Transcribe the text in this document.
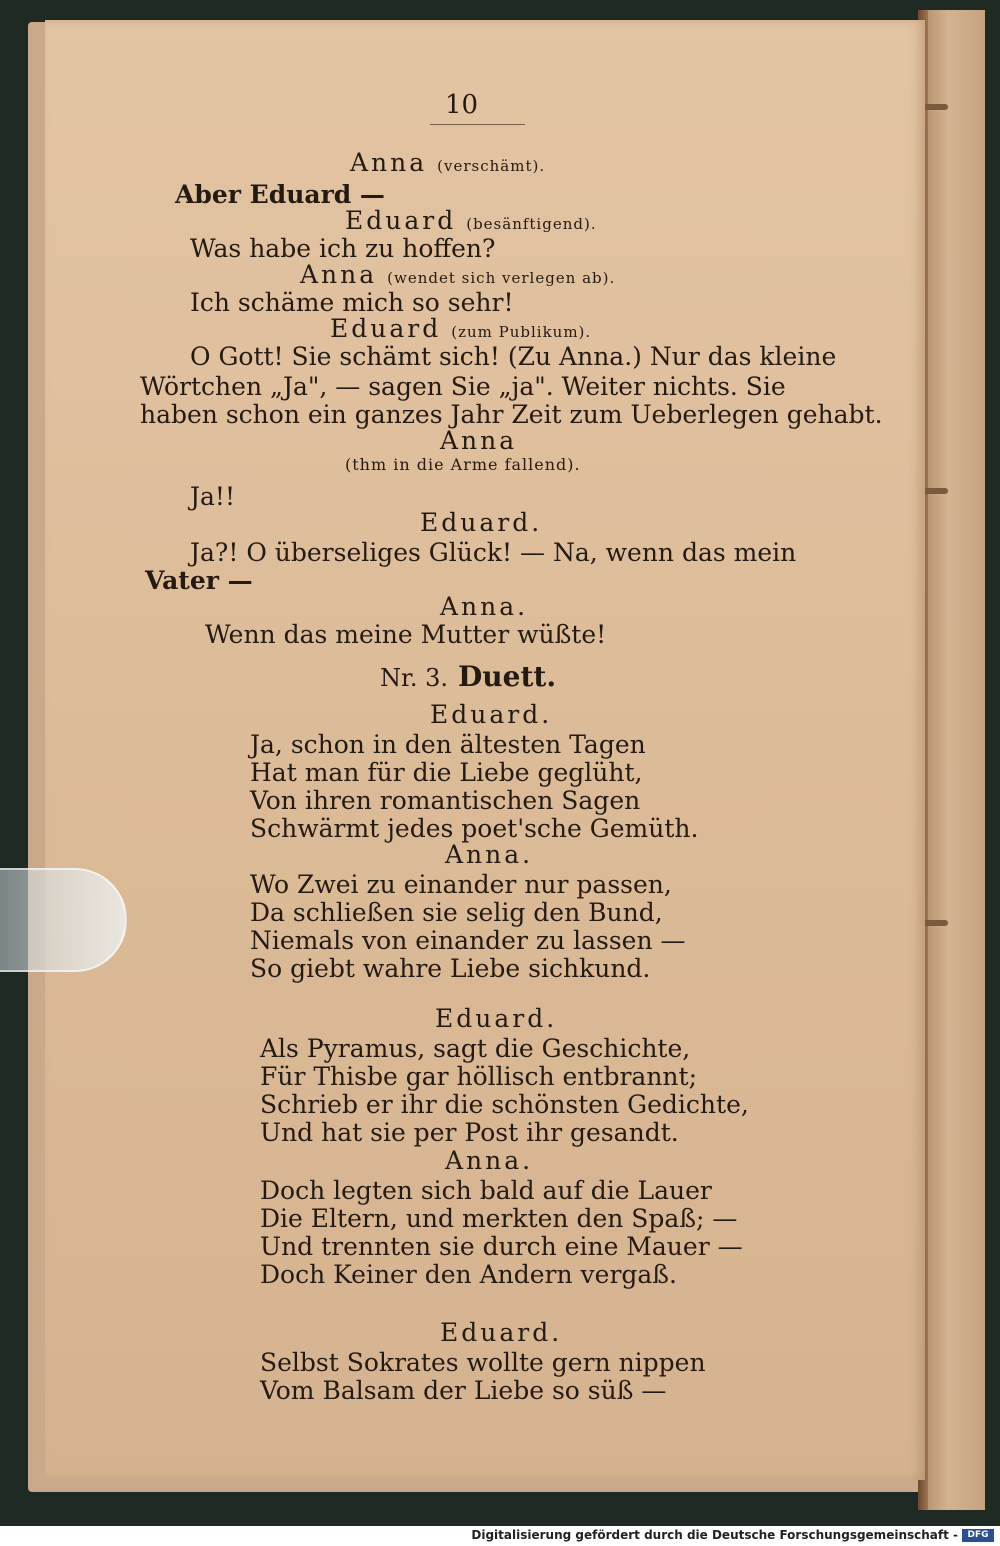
10
Anna (verschämt).
Aber Eduard —
Eduard (besänftigend).
Was habe ich zu hoffen?
Anna (wendet sich verlegen ab).
Ich schäme mich so sehr!
Eduard (zum Publikum).
O Gott! Sie schämt sich! (Zu Anna.) Nur das kleine
Wörtchen „Ja", — sagen Sie „ja". Weiter nichts. Sie
haben schon ein ganzes Jahr Zeit zum Ueberlegen gehabt.
Anna
(thm in die Arme fallend).
Ja!!
Eduard.
Ja?! O überseliges Glück! — Na, wenn das mein
Vater —
Anna.
Wenn das meine Mutter wüßte!
Nr. 3. Duett.
Eduard.
Ja, schon in den ältesten Tagen
Hat man für die Liebe geglüht,
Von ihren romantischen Sagen
Schwärmt jedes poet'sche Gemüth.
Anna.
Wo Zwei zu einander nur passen,
Da schließen sie selig den Bund,
Niemals von einander zu lassen —
So giebt wahre Liebe sichkund.
Eduard.
Als Pyramus, sagt die Geschichte,
Für Thisbe gar höllisch entbrannt;
Schrieb er ihr die schönsten Gedichte,
Und hat sie per Post ihr gesandt.
Anna.
Doch legten sich bald auf die Lauer
Die Eltern, und merkten den Spaß; —
Und trennten sie durch eine Mauer —
Doch Keiner den Andern vergaß.
Eduard.
Selbst Sokrates wollte gern nippen
Vom Balsam der Liebe so süß —
Digitalisierung gefördert durch die Deutsche Forschungsgemeinschaft -	DFG
